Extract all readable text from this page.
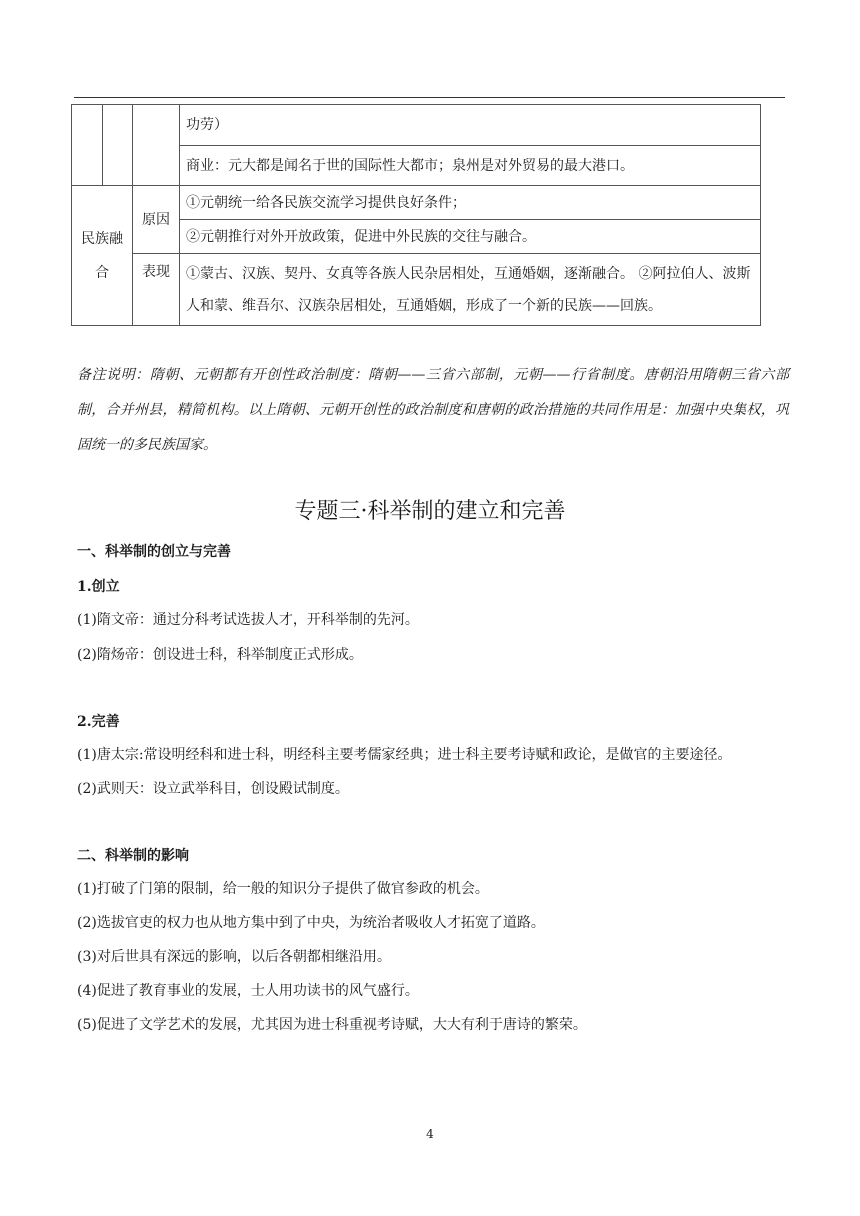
			功劳）
			商业：元大都是闻名于世的国际性大都市；泉州是对外贸易的最大港口。
民族融合		原因	①元朝统一给各民族交流学习提供良好条件；
			②元朝推行对外开放政策，促进中外民族的交往与融合。
		表现	①蒙古、汉族、契丹、女真等各族人民杂居相处，互通婚姻，逐渐融合。 ②阿拉伯人、波斯人和蒙、维吾尔、汉族杂居相处，互通婚姻，形成了一个新的民族——回族。
备注说明：隋朝、元朝都有开创性政治制度：隋朝——三省六部制，元朝——行省制度。唐朝沿用隋朝三省六部制，合并州县，精简机构。以上隋朝、元朝开创性的政治制度和唐朝的政治措施的共同作用是：加强中央集权，巩固统一的多民族国家。
专题三·科举制的建立和完善
一、科举制的创立与完善
1.创立
(1)隋文帝：通过分科考试选拔人才，开科举制的先河。
(2)隋炀帝：创设进士科，科举制度正式形成。
2.完善
(1)唐太宗:常设明经科和进士科，明经科主要考儒家经典；进士科主要考诗赋和政论，是做官的主要途径。
(2)武则天：设立武举科目，创设殿试制度。
二、科举制的影响
(1)打破了门第的限制，给一般的知识分子提供了做官参政的机会。
(2)选拔官吏的权力也从地方集中到了中央，为统治者吸收人才拓宽了道路。
(3)对后世具有深远的影响，以后各朝都相继沿用。
(4)促进了教育事业的发展，士人用功读书的风气盛行。
(5)促进了文学艺术的发展，尤其因为进士科重视考诗赋，大大有利于唐诗的繁荣。
4
